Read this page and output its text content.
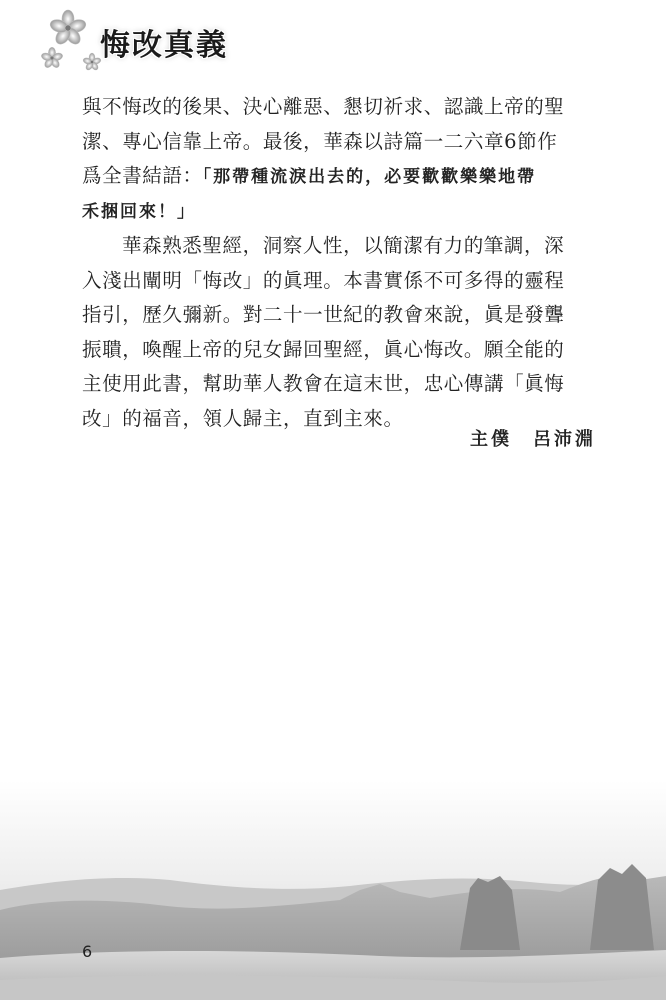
悔改真義
與不悔改的後果、決心離惡、懇切祈求、認識上帝的聖
潔、專心信靠上帝。最後，華森以詩篇一二六章6節作
爲全書結語：「那帶種流淚出去的，必要歡歡樂樂地帶
禾捆回來！」
華森熟悉聖經，洞察人性，以簡潔有力的筆調，深
入淺出闡明「悔改」的眞理。本書實係不可多得的靈程
指引，歷久彌新。對二十一世紀的教會來說，眞是發聾
振聵，喚醒上帝的兒女歸回聖經，眞心悔改。願全能的
主使用此書，幫助華人教會在這末世，忠心傳講「眞悔
改」的福音，領人歸主，直到主來。
主僕　呂沛淵
6
